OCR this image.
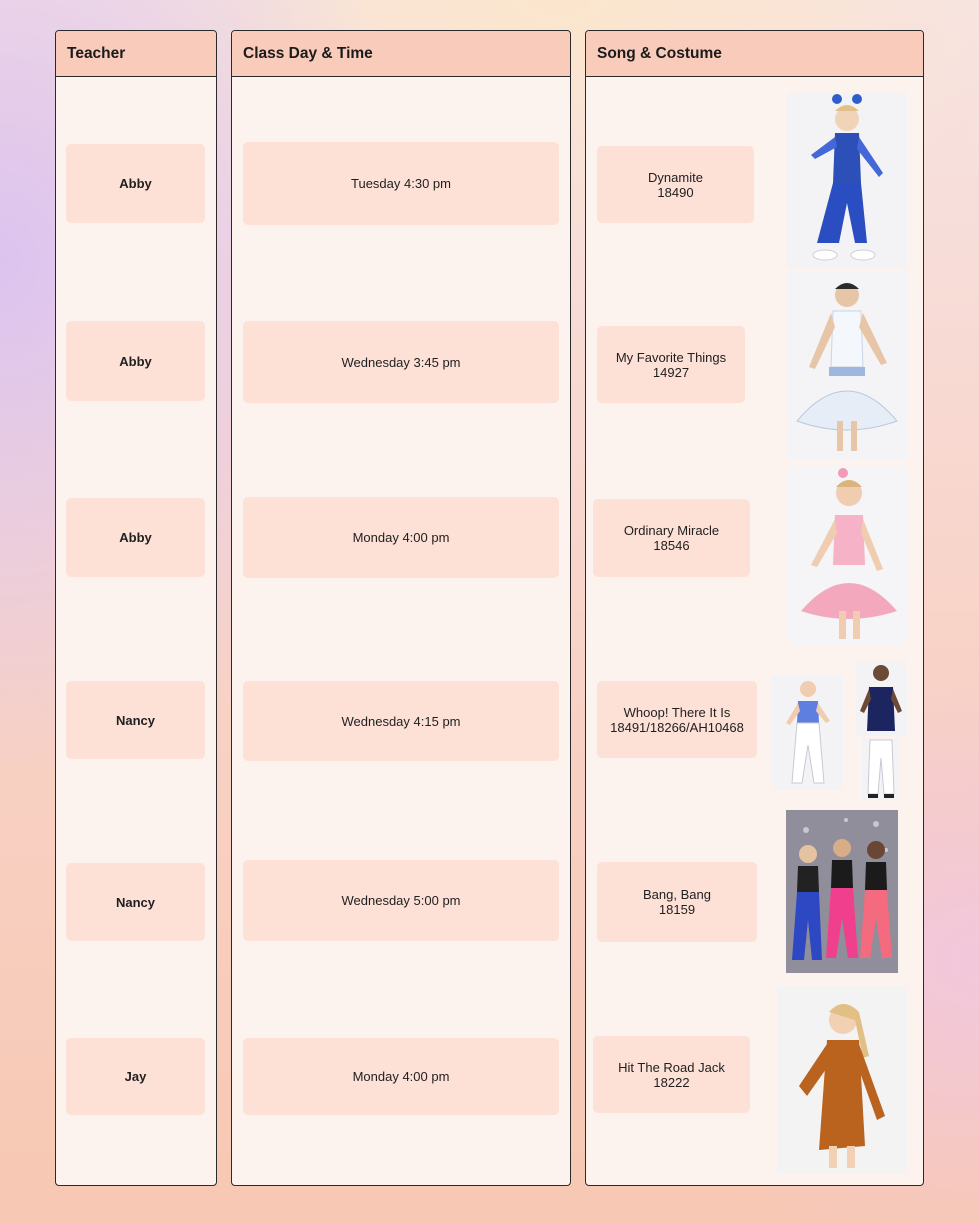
Teacher	Class Day & Time	Song & Costume
Abby
Abby
Abby
Nancy
Nancy
Jay
Tuesday 4:30 pm
Wednesday 3:45 pm
Monday 4:00 pm
Wednesday 4:15 pm
Wednesday 5:00 pm
Monday 4:00 pm
Dynamite
18490
My Favorite Things
14927
Ordinary Miracle
18546
Whoop! There It Is
18491/18266/AH10468
Bang, Bang
18159
Hit The Road Jack
18222
